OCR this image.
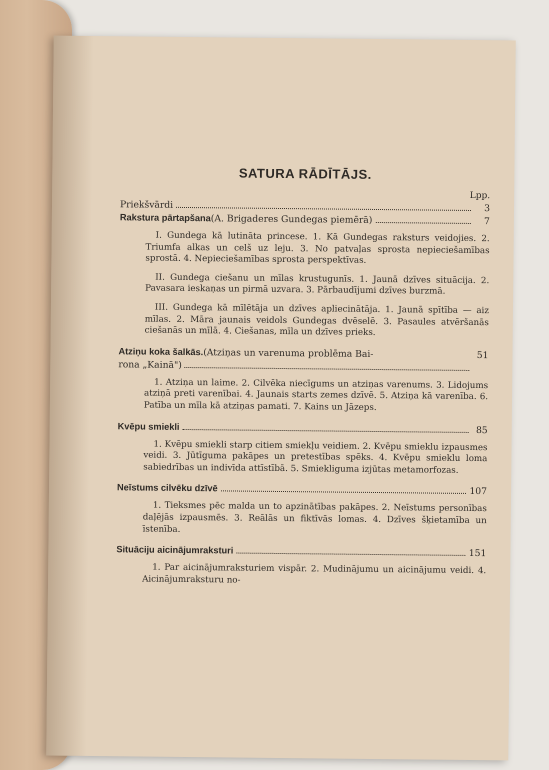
SATURA RĀDĪTĀJS.
Lpp.
Priekšvārdi	3
Rakstura pārtapšana (A. Brigaderes Gundegas piemērā)	7

I. Gundega kā lutināta princese. 1. Kā Gundegas raksturs veidojies. 2. Triumfa alkas un celš uz leju. 3. No patvaļas sprosta nepieciešamības sprostā. 4. Nepieciešamības sprosta perspektīvas.

II. Gundega ciešanu un mīlas krustugunīs. 1. Jaunā dzīves situācija. 2. Pavasara ieskaņas un pirmā uzvara. 3. Pārbaudījumi dzīves burzmā.

III. Gundega kā mīlētāja un dzīves apliecinātāja. 1. Jaunā spītība — aiz mīlas. 2. Māra jaunais veidols Gundegas dvēselē. 3. Pasaules atvēršanās ciešanās un mīlā. 4. Ciešanas, mīla un dzīves prieks.

Atziņu koka šalkās. (Atziņas un varenuma problēma Bai-	51
rona „Kainā")

1. Atziņa un laime. 2. Cilvēka niecīgums un atziņas varenums. 3. Lidojums atziņā preti varenībai. 4. Jaunais starts zemes dzīvē. 5. Atziņa kā varenība. 6. Patība un mīla kā atziņas pamati. 7. Kains un Jāzeps.

Kvēpu smiekli	85

1. Kvēpu smiekli starp citiem smiekļu veidiem. 2. Kvēpu smieklu izpausmes veidi. 3. Jūtīguma pakāpes un pretestības spēks. 4. Kvēpu smieklu loma sabiedrības un indivīda attīstībā. 5. Smiekliguma izjūtas metamorfozas.

Neīstums cilvēku dzīvē	107

1. Tieksmes pēc malda un to apzinātības pakāpes. 2. Neīstums personības daļējās izpausmēs. 3. Reālās un fiktīvās lomas. 4. Dzīves šķietamība un īstenība.

Situāciju aicinājumraksturi	151

1. Par aicinājumraksturiem vispār. 2. Mudinājumu un aicinājumu veidi. 4. Aicinājumraksturu no-
